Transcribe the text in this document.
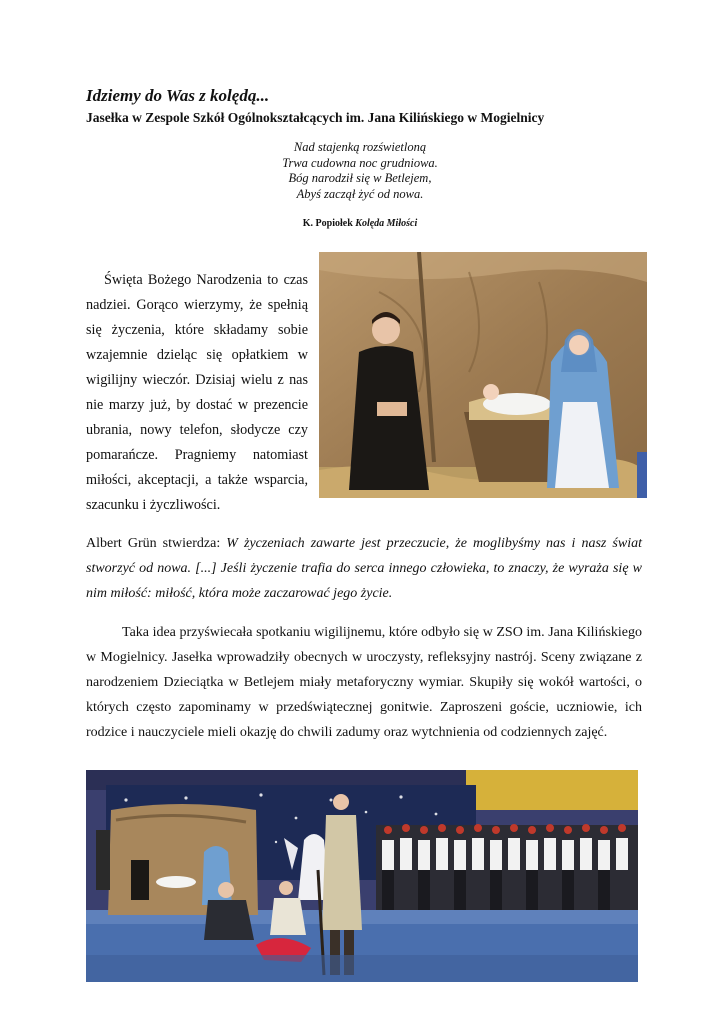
Idziemy do Was z kolędą...
Jasełka w Zespole Szkół Ogólnokształcących im. Jana Kilińskiego w Mogielnicy
Nad stajenką rozświetloną
Trwa cudowna noc grudniowa.
Bóg narodził się w Betlejem,
Abyś zaczął żyć od nowa.
K. Popiołek Kolęda Miłości

Święta Bożego Narodzenia to czas nadziei. Gorąco wierzymy, że spełnią się życzenia, które składamy sobie wzajemnie dzieląc się opłatkiem w wigilijny wieczór. Dzisiaj wielu z nas nie marzy już, by dostać w prezencie ubrania, nowy telefon, słodycze czy pomarańcze. Pragniemy natomiast miłości, akceptacji, a także wsparcia, szacunku i życzliwości.

Albert Grün stwierdza: W życzeniach zawarte jest przeczucie, że moglibyśmy nas i nasz świat stworzyć od nowa. [...] Jeśli życzenie trafia do serca innego człowieka, to znaczy, że wyraża się w nim miłość: miłość, która może zaczarować jego życie.

Taka idea przyświecała spotkaniu wigilijnemu, które odbyło się w ZSO im. Jana Kilińskiego w Mogielnicy. Jasełka wprowadziły obecnych w uroczysty, refleksyjny nastrój. Sceny związane z narodzeniem Dzieciątka w Betlejem miały metaforyczny wymiar. Skupiły się wokół wartości, o których często zapominamy w przedświątecznej gonitwie. Zaproszeni goście, uczniowie, ich rodzice i nauczyciele mieli okazję do chwili zadumy oraz wytchnienia od codziennych zajęć.
